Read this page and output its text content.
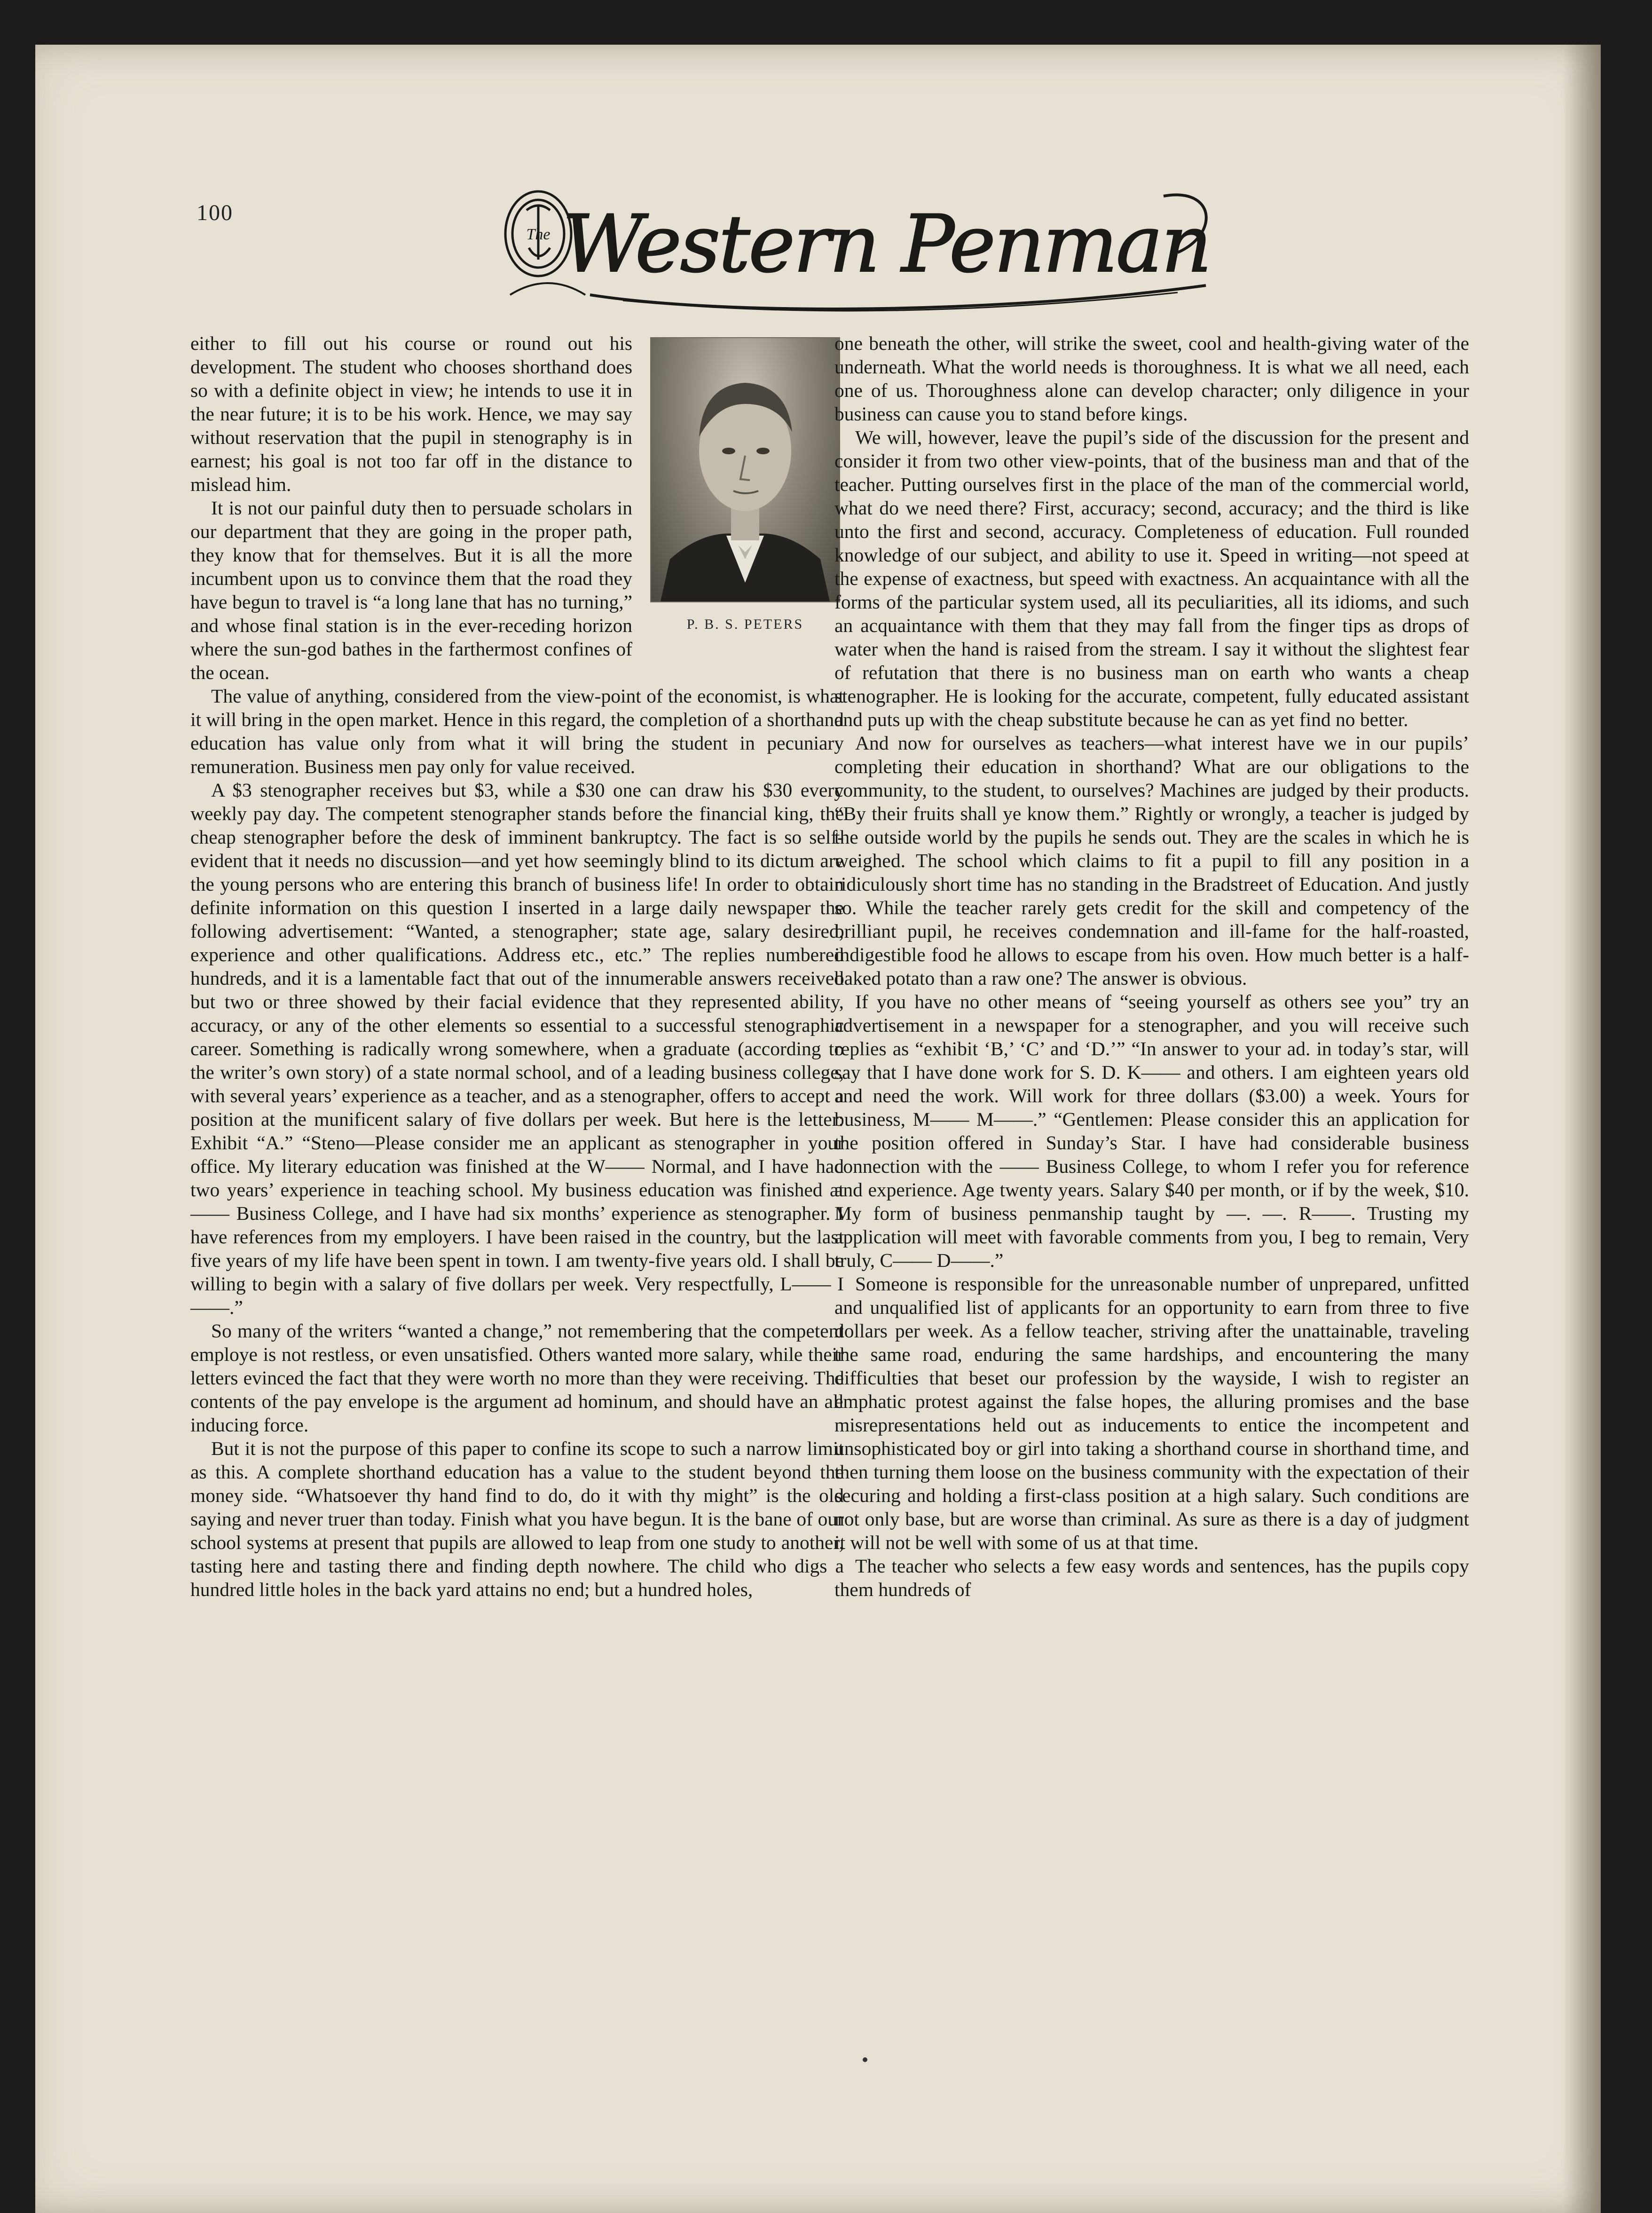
100
The Western Penman

P. B. S. PETERS
either to fill out his course or round out his development. The student who chooses shorthand does so with a definite object in view; he intends to use it in the near future; it is to be his work. Hence, we may say without reservation that the pupil in stenography is in earnest; his goal is not too far off in the distance to mislead him.

It is not our painful duty then to persuade scholars in our department that they are going in the proper path, they know that for themselves. But it is all the more incumbent upon us to convince them that the road they have begun to travel is “a long lane that has no turning,” and whose final station is in the ever-receding horizon where the sun-god bathes in the farthermost confines of the ocean.

The value of anything, considered from the view-point of the economist, is what it will bring in the open market. Hence in this regard, the completion of a shorthand education has value only from what it will bring the student in pecuniary remuneration. Business men pay only for value received.

A $3 stenographer receives but $3, while a $30 one can draw his $30 every weekly pay day. The competent stenographer stands before the financial king, the cheap stenographer before the desk of imminent bankruptcy. The fact is so self-evident that it needs no discussion—and yet how seemingly blind to its dictum are the young persons who are entering this branch of business life! In order to obtain definite information on this question I inserted in a large daily newspaper the following advertisement: “Wanted, a stenographer; state age, salary desired, experience and other qualifications. Address etc., etc.” The replies numbered hundreds, and it is a lamentable fact that out of the innumerable answers received but two or three showed by their facial evidence that they represented ability, accuracy, or any of the other elements so essential to a successful stenographic career. Something is radically wrong somewhere, when a graduate (according to the writer’s own story) of a state normal school, and of a leading business college, with several years’ experience as a teacher, and as a stenographer, offers to accept a position at the munificent salary of five dollars per week. But here is the letter: Exhibit “A.” “Steno—Please consider me an applicant as stenographer in your office. My literary education was finished at the W—— Normal, and I have had two years’ experience in teaching school. My business education was finished at —— Business College, and I have had six months’ experience as stenographer. I have references from my employers. I have been raised in the country, but the last five years of my life have been spent in town. I am twenty-five years old. I shall be willing to begin with a salary of five dollars per week. Very respectfully, L—— I——.”

So many of the writers “wanted a change,” not remembering that the competent employe is not restless, or even unsatisfied. Others wanted more salary, while their letters evinced the fact that they were worth no more than they were receiving. The contents of the pay envelope is the argument ad hominum, and should have an all inducing force.

But it is not the purpose of this paper to confine its scope to such a narrow limit as this. A complete shorthand education has a value to the student beyond the money side. “Whatsoever thy hand find to do, do it with thy might” is the old saying and never truer than today. Finish what you have begun. It is the bane of our school systems at present that pupils are allowed to leap from one study to another, tasting here and tasting there and finding depth nowhere. The child who digs a hundred little holes in the back yard attains no end; but a hundred holes,

one beneath the other, will strike the sweet, cool and health-giving water of the underneath. What the world needs is thoroughness. It is what we all need, each one of us. Thoroughness alone can develop character; only diligence in your business can cause you to stand before kings.

We will, however, leave the pupil’s side of the discussion for the present and consider it from two other view-points, that of the business man and that of the teacher. Putting ourselves first in the place of the man of the commercial world, what do we need there? First, accuracy; second, accuracy; and the third is like unto the first and second, accuracy. Completeness of education. Full rounded knowledge of our subject, and ability to use it. Speed in writing—not speed at the expense of exactness, but speed with exactness. An acquaintance with all the forms of the particular system used, all its peculiarities, all its idioms, and such an acquaintance with them that they may fall from the finger tips as drops of water when the hand is raised from the stream. I say it without the slightest fear of refutation that there is no business man on earth who wants a cheap stenographer. He is looking for the accurate, competent, fully educated assistant and puts up with the cheap substitute because he can as yet find no better.

And now for ourselves as teachers—what interest have we in our pupils’ completing their education in shorthand? What are our obligations to the community, to the student, to ourselves? Machines are judged by their products. “By their fruits shall ye know them.” Rightly or wrongly, a teacher is judged by the outside world by the pupils he sends out. They are the scales in which he is weighed. The school which claims to fit a pupil to fill any position in a ridiculously short time has no standing in the Bradstreet of Education. And justly so. While the teacher rarely gets credit for the skill and competency of the brilliant pupil, he receives condemnation and ill-fame for the half-roasted, indigestible food he allows to escape from his oven. How much better is a half-baked potato than a raw one? The answer is obvious.

If you have no other means of “seeing yourself as others see you” try an advertisement in a newspaper for a stenographer, and you will receive such replies as “exhibit ‘B,’ ‘C’ and ‘D.’” “In answer to your ad. in today’s star, will say that I have done work for S. D. K—— and others. I am eighteen years old and need the work. Will work for three dollars ($3.00) a week. Yours for business, M—— M——.” “Gentlemen: Please consider this an application for the position offered in Sunday’s Star. I have had considerable business connection with the —— Business College, to whom I refer you for reference and experience. Age twenty years. Salary $40 per month, or if by the week, $10. My form of business penmanship taught by —. —. R——. Trusting my application will meet with favorable comments from you, I beg to remain, Very truly, C—— D——.”

Someone is responsible for the unreasonable number of unprepared, unfitted and unqualified list of applicants for an opportunity to earn from three to five dollars per week. As a fellow teacher, striving after the unattainable, traveling the same road, enduring the same hardships, and encountering the many difficulties that beset our profession by the wayside, I wish to register an emphatic protest against the false hopes, the alluring promises and the base misrepresentations held out as inducements to entice the incompetent and unsophisticated boy or girl into taking a shorthand course in shorthand time, and then turning them loose on the business community with the expectation of their securing and holding a first-class position at a high salary. Such conditions are not only base, but are worse than criminal. As sure as there is a day of judgment it will not be well with some of us at that time.

The teacher who selects a few easy words and sentences, has the pupils copy them hundreds of
